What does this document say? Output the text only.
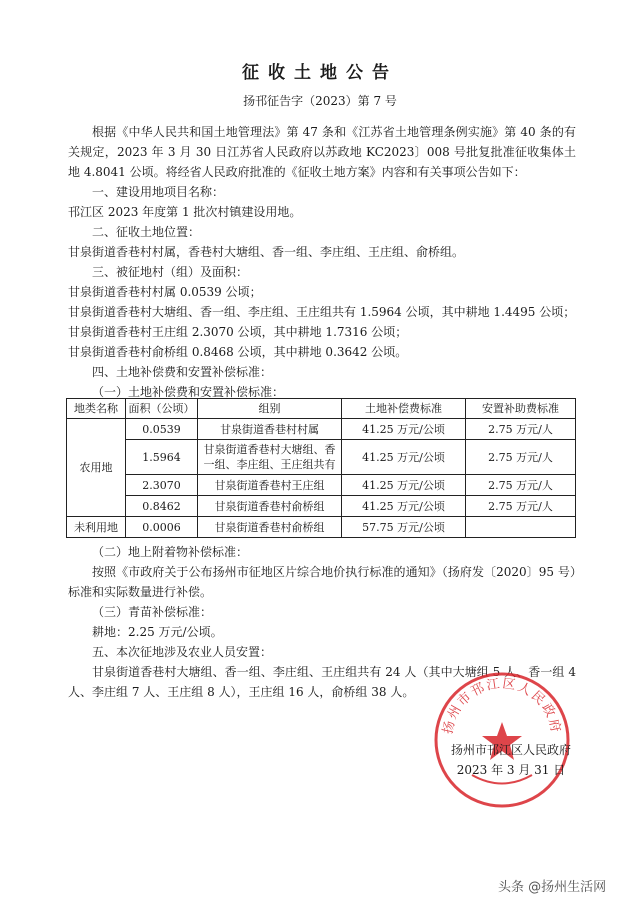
征收土地公告
扬邗征告字（2023）第 7 号

根据《中华人民共和国土地管理法》第 47 条和《江苏省土地管理条例实施》第 40 条的有关规定，2023 年 3 月 30 日江苏省人民政府以苏政地 KC2023〕008 号批复批准征收集体土地 4.8041 公顷。将经省人民政府批准的《征收土地方案》内容和有关事项公告如下：

一、建设用地项目名称：

邗江区 2023 年度第 1 批次村镇建设用地。

二、征收土地位置：

甘泉街道香巷村村属，香巷村大塘组、香一组、李庄组、王庄组、俞桥组。

三、被征地村（组）及面积：

甘泉街道香巷村村属 0.0539 公顷；

甘泉街道香巷村大塘组、香一组、李庄组、王庄组共有 1.5964 公顷，其中耕地 1.4495 公顷；

甘泉街道香巷村王庄组 2.3070 公顷，其中耕地 1.7316 公顷；

甘泉街道香巷村俞桥组 0.8468 公顷，其中耕地 0.3642 公顷。

四、土地补偿费和安置补偿标准：

（一）土地补偿费和安置补偿标准：

地类名称	面积（公顷）	组别	土地补偿费标准	安置补助费标准
农用地	0.0539	甘泉街道香巷村村属	41.25 万元/公顷	2.75 万元/人
	1.5964	甘泉街道香巷村大塘组、香一组、李庄组、王庄组共有	41.25 万元/公顷	2.75 万元/人
	2.3070	甘泉街道香巷村王庄组	41.25 万元/公顷	2.75 万元/人
	0.8462	甘泉街道香巷村俞桥组	41.25 万元/公顷	2.75 万元/人
未利用地	0.0006	甘泉街道香巷村俞桥组	57.75 万元/公顷	

（二）地上附着物补偿标准：

按照《市政府关于公布扬州市征地区片综合地价执行标准的通知》（扬府发〔2020〕95 号）标准和实际数量进行补偿。

（三）青苗补偿标准：

耕地：2.25 万元/公顷。

五、本次征地涉及农业人员安置：

甘泉街道香巷村大塘组、香一组、李庄组、王庄组共有 24 人（其中大塘组 5 人、香一组 4 人、李庄组 7 人、王庄组 8 人），王庄组 16 人，俞桥组 38 人。

扬州市邗江区人民政府
扬州市邗江区人民政府
2023 年 3 月 31 日
头条 @扬州生活网
